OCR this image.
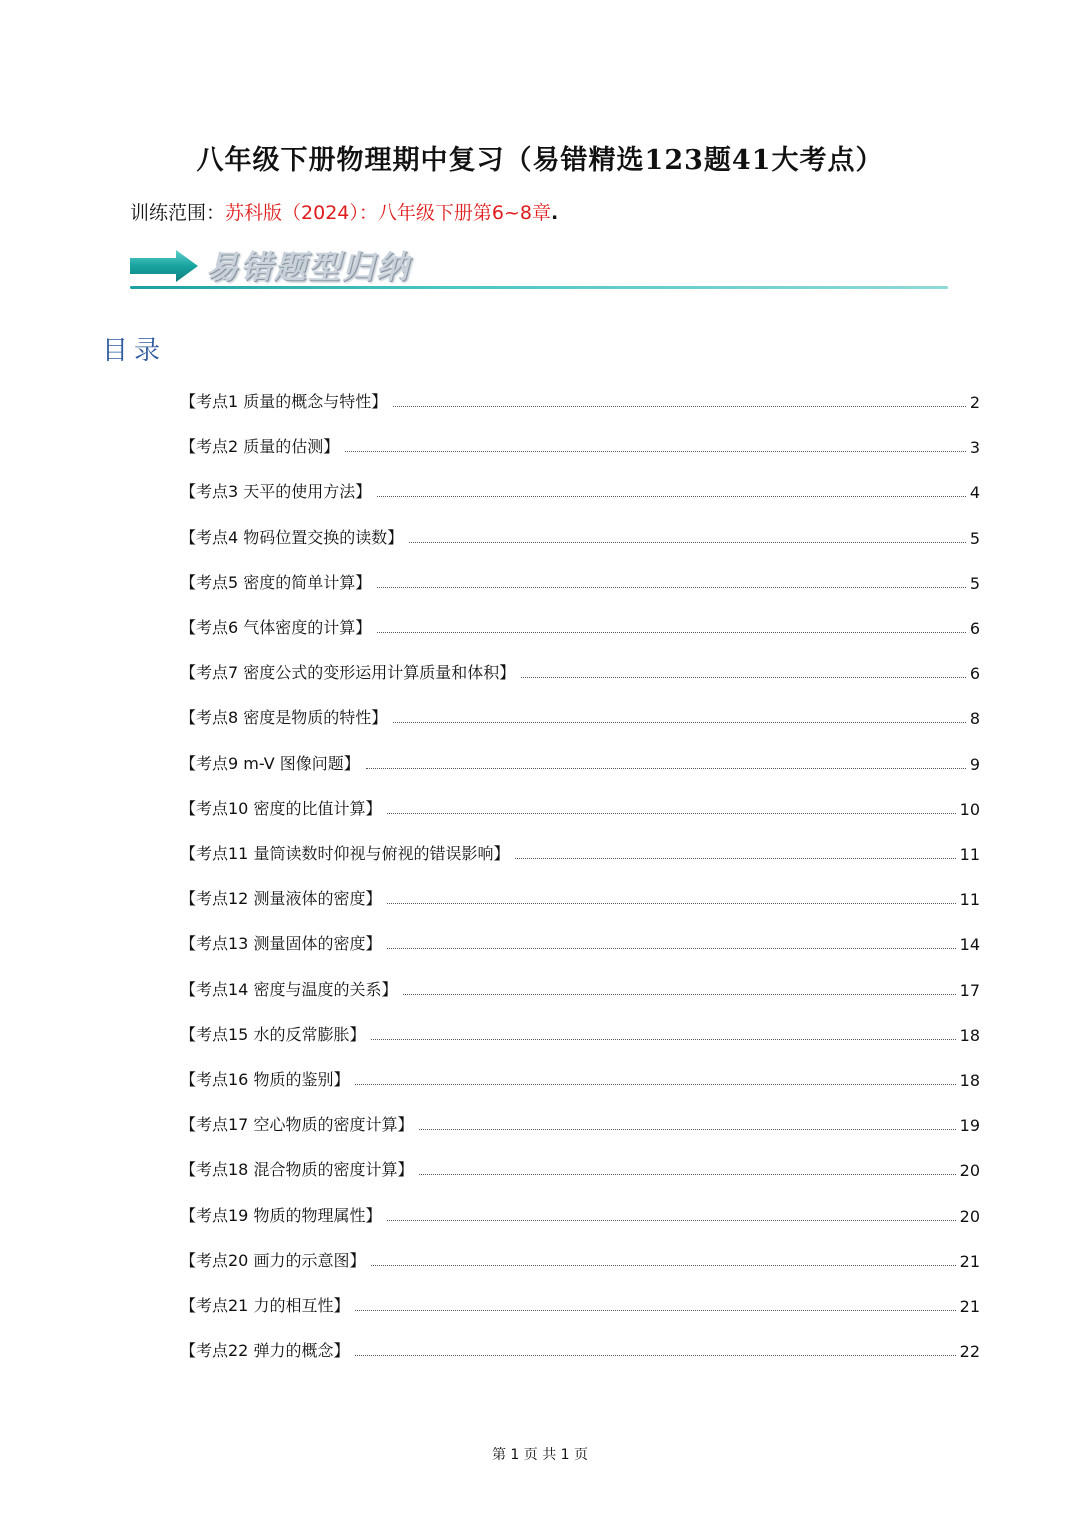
八年级下册物理期中复习（易错精选123题41大考点）
训练范围：苏科版（2024）：八年级下册第6~8章.
易错题型归纳
目录
【考点1 质量的概念与特性】	2
【考点2 质量的估测】	3
【考点3 天平的使用方法】	4
【考点4 物码位置交换的读数】	5
【考点5 密度的简单计算】	5
【考点6 气体密度的计算】	6
【考点7 密度公式的变形运用计算质量和体积】	6
【考点8 密度是物质的特性】	8
【考点9 m-V 图像问题】	9
【考点10 密度的比值计算】	10
【考点11 量筒读数时仰视与俯视的错误影响】	11
【考点12 测量液体的密度】	11
【考点13 测量固体的密度】	14
【考点14 密度与温度的关系】	17
【考点15 水的反常膨胀】	18
【考点16 物质的鉴别】	18
【考点17 空心物质的密度计算】	19
【考点18 混合物质的密度计算】	20
【考点19 物质的物理属性】	20
【考点20 画力的示意图】	21
【考点21 力的相互性】	21
【考点22 弹力的概念】	22
第 1 页 共 1 页
